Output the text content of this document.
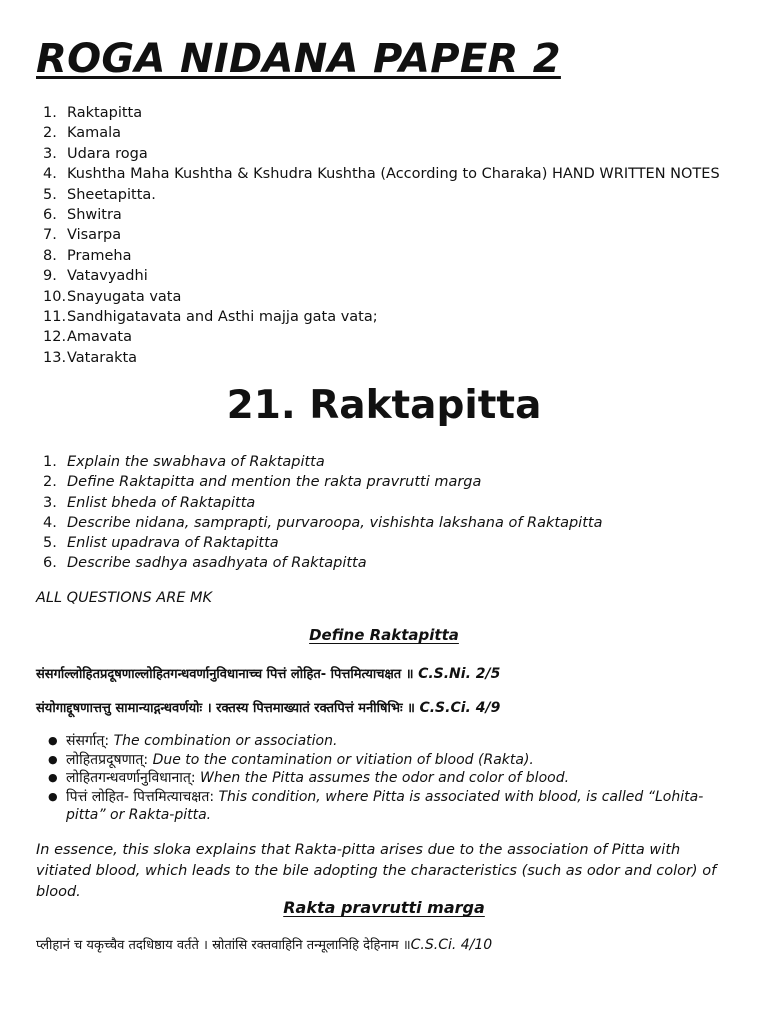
ROGA NIDANA PAPER 2
1. Raktapitta
2. Kamala
3. Udara roga
4. Kushtha Maha Kushtha & Kshudra Kushtha (According to Charaka) HAND WRITTEN NOTES
5. Sheetapitta.
6. Shwitra
7. Visarpa
8. Prameha
9. Vatavyadhi
10. Snayugata vata
11. Sandhigatavata and Asthi majja gata vata;
12. Amavata
13. Vatarakta
21. Raktapitta
1. Explain the swabhava of Raktapitta
2. Define Raktapitta and mention the rakta pravrutti marga
3. Enlist bheda of Raktapitta
4. Describe nidana, samprapti, purvaroopa, vishishta lakshana of Raktapitta
5. Enlist upadrava of Raktapitta
6. Describe sadhya asadhyata of Raktapitta
ALL QUESTIONS ARE MK
Define Raktapitta
संसर्गाल्लोहितप्रदूषणाल्लोहितगन्धवर्णानुविधानाच्च पित्तं लोहित- पित्तमित्याचक्षत ॥ C.S.Ni. 2/5
संयोगाद्दूषणात्तत्तु सामान्याद्गन्धवर्णयोः । रक्तस्य पित्तमाख्यातं रक्तपित्तं मनीषिभिः ॥ C.S.Ci. 4/9
● संसर्गात्: The combination or association.
● लोहितप्रदूषणात्: Due to the contamination or vitiation of blood (Rakta).
● लोहितगन्धवर्णानुविधानात्: When the Pitta assumes the odor and color of blood.
● पित्तं लोहित- पित्तमित्याचक्षत: This condition, where Pitta is associated with blood, is called “Lohita-pitta” or Rakta-pitta.

In essence, this sloka explains that Rakta-pitta arises due to the association of Pitta with vitiated blood, which leads to the bile adopting the characteristics (such as odor and color) of blood.

Rakta pravrutti marga
प्लीहानं च यकृच्चैव तदधिष्ठाय वर्तते । स्रोतांसि रक्तवाहिनि तन्मूलानिहि देहिनाम ॥C.S.Ci. 4/10
